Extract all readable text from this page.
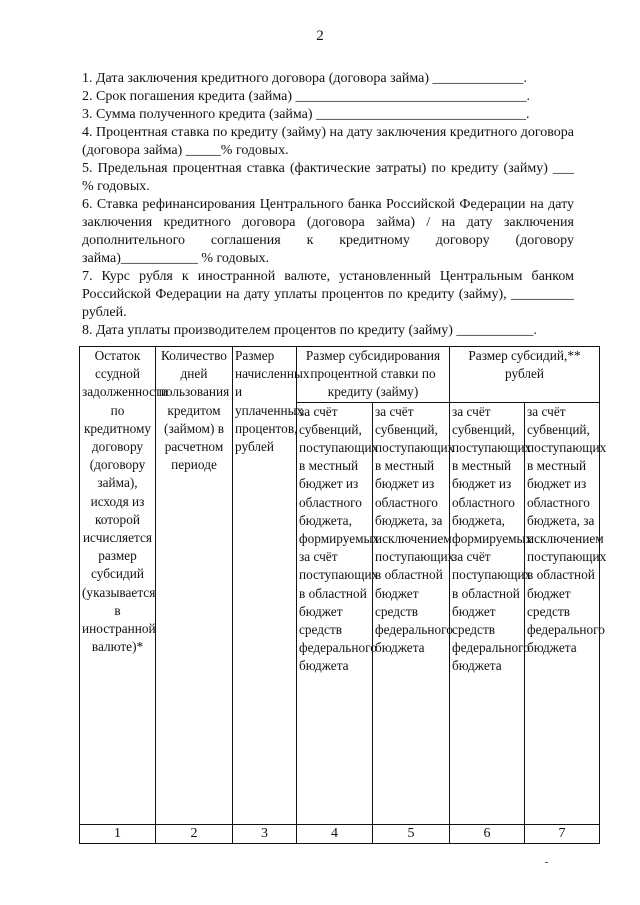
2

1. Дата заключения кредитного договора (договора займа) _____________.

2. Срок погашения кредита (займа) _________________________________.

3. Сумма полученного кредита (займа) ______________________________.

4. Процентная ставка по кредиту (займу) на дату заключения кредитного договора (договора займа) _____% годовых.

5. Предельная процентная ставка (фактические затраты) по кредиту (займу) ___ % годовых.

6. Ставка рефинансирования Центрального банка Российской Федерации на дату заключения кредитного договора (договора займа) / на дату заключения дополнительного соглашения к кредитному договору (договору займа)___________ % годовых.

7. Курс рубля к иностранной валюте, установленный Центральным банком Российской Федерации на дату уплаты процентов по кредиту (займу), _________ рублей.

8. Дата уплаты производителем процентов по кредиту (займу) ___________.

Остаток ссудной задолженности по кредитному договору (договору займа), исходя из которой исчисляется размер субсидий (указывается в иностранной валюте)*	Количество дней пользования кредитом (займом) в расчетном периоде	Размер начисленных и уплаченных процентов, рублей	Размер субсидирования процентной ставки по кредиту (займу)		Размер субсидий,** рублей	

			за счёт субвенций, поступающих в местный бюджет из областного бюджета, формируемых за счёт поступающих в областной бюджет средств федерального бюджета	за счёт субвенций, поступающих в местный бюджет из областного бюджета, за исключением поступающих в областной бюджет средств федерального бюджета	за счёт субвенций, поступающих в местный бюджет из областного бюджета, формируемых за счёт поступающих в областной бюджет средств федерального бюджета	за счёт субвенций, поступающих в местный бюджет из областного бюджета, за исключением поступающих в областной бюджет средств федерального бюджета

1	2	3	4	5	6	7
